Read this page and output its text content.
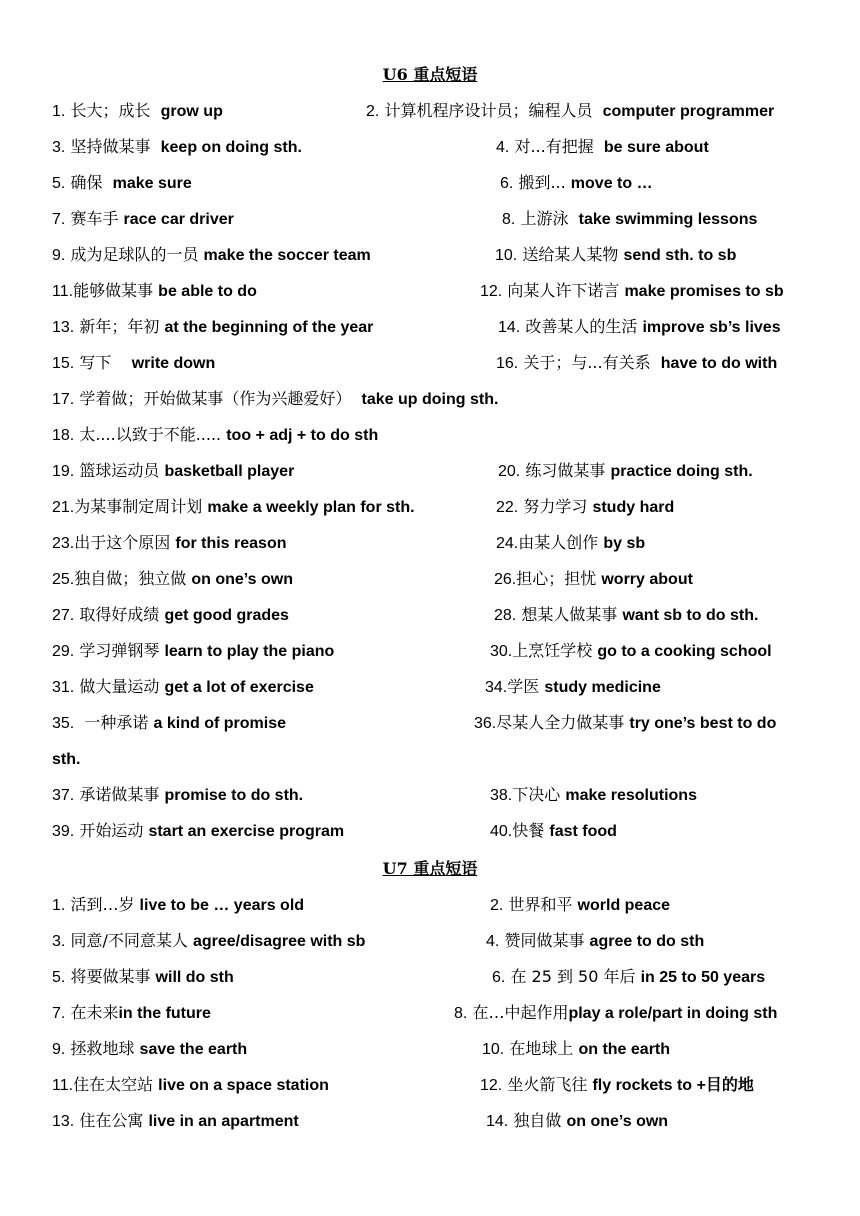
U6 重点短语
1. 长大；成长 grow up	2. 计算机程序设计员；编程人员 computer programmer
3. 坚持做某事 keep on doing sth.	4. 对...有把握 be sure about
5. 确保 make sure	6. 搬到... move to …
7. 赛车手 race car driver	8. 上游泳 take swimming lessons
9. 成为足球队的一员 make the soccer team	10. 送给某人某物 send sth. to sb
11.能够做某事 be able to do	12. 向某人许下诺言 make promises to sb
13. 新年；年初 at the beginning of the year	14. 改善某人的生活 improve sb’s lives
15. 写下 write down	16. 关于；与...有关系 have to do with
17. 学着做；开始做某事（作为兴趣爱好） take up doing sth.
18. 太....以致于不能..... too + adj + to do sth
19. 篮球运动员 basketball player	20. 练习做某事 practice doing sth.
21.为某事制定周计划 make a weekly plan for sth.	22. 努力学习 study hard
23.出于这个原因 for this reason	24.由某人创作 by sb
25.独自做；独立做 on one’s own	26.担心；担忧 worry about
27. 取得好成绩 get good grades	28. 想某人做某事 want sb to do sth.
29. 学习弹钢琴 learn to play the piano	30.上烹饪学校 go to a cooking school
31. 做大量运动 get a lot of exercise	34.学医 study medicine
35. 一种承诺 a kind of promise	36.尽某人全力做某事 try one’s best to do
sth.
37. 承诺做某事 promise to do sth.	38.下决心 make resolutions
39. 开始运动 start an exercise program	40.快餐 fast food
U7 重点短语
1. 活到…岁 live to be … years old	2. 世界和平 world peace
3. 同意/不同意某人 agree/disagree with sb	4. 赞同做某事 agree to do sth
5. 将要做某事 will do sth	6. 在 25 到 50 年后 in 25 to 50 years
7. 在未来in the future	8. 在…中起作用play a role/part in doing sth
9. 拯救地球 save the earth	10. 在地球上 on the earth
11.住在太空站 live on a space station	12. 坐火箭飞往 fly rockets to +目的地
13. 住在公寓 live in an apartment	14. 独自做 on one’s own
